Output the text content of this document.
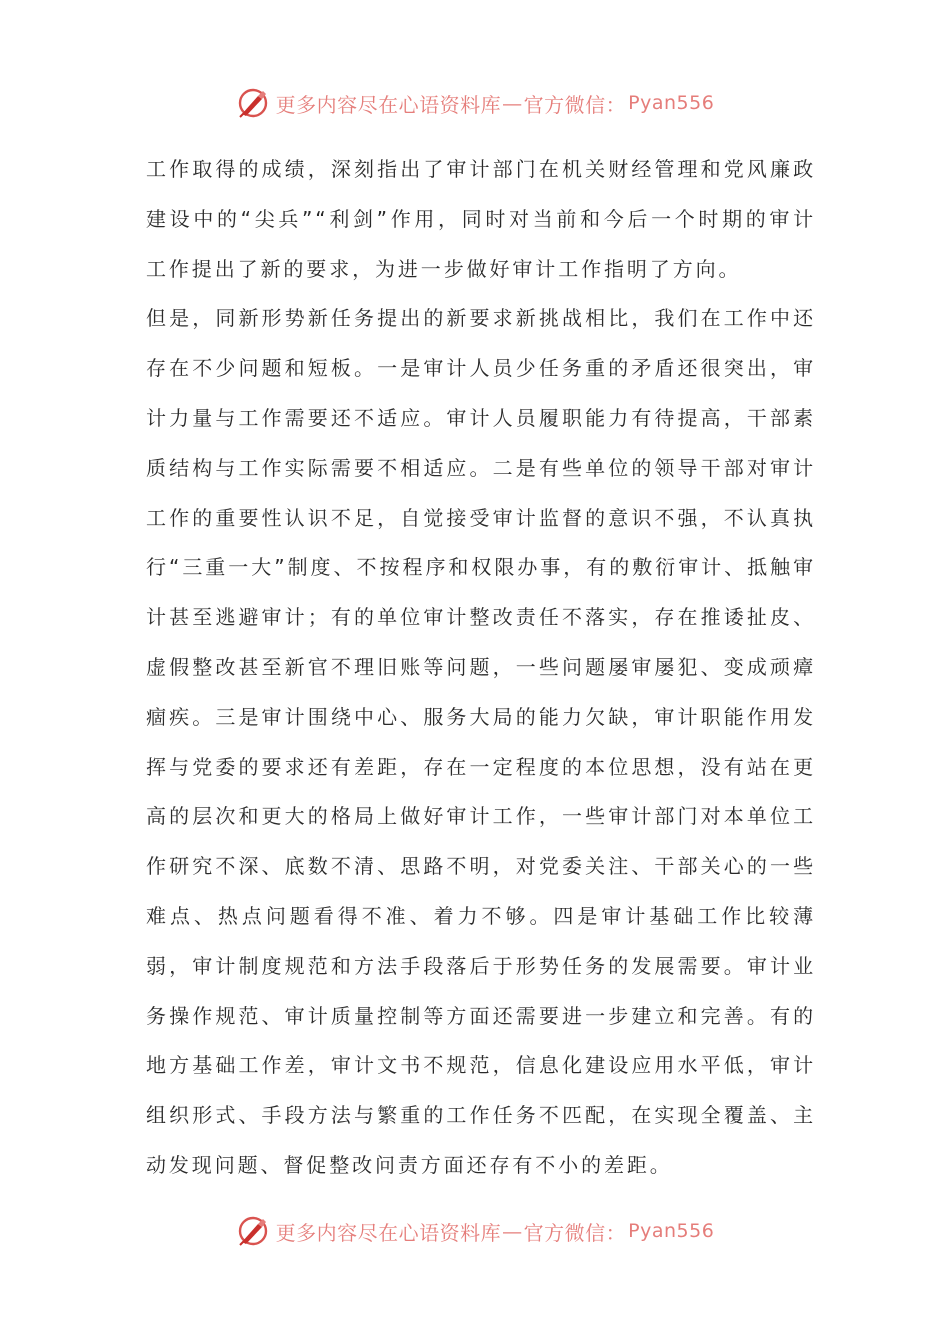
更多内容尽在心语资料库 — 官方微信： Pyan556

工作取得的成绩，深刻指出了审计部门在机关财经管理和党风廉政建设中的“尖兵”“利剑”作用，同时对当前和今后一个时期的审计工作提出了新的要求，为进一步做好审计工作指明了方向。

但是，同新形势新任务提出的新要求新挑战相比，我们在工作中还存在不少问题和短板。一是审计人员少任务重的矛盾还很突出，审计力量与工作需要还不适应。审计人员履职能力有待提高，干部素质结构与工作实际需要不相适应。二是有些单位的领导干部对审计工作的重要性认识不足，自觉接受审计监督的意识不强，不认真执行“三重一大”制度、不按程序和权限办事，有的敷衍审计、抵触审计甚至逃避审计；有的单位审计整改责任不落实，存在推诿扯皮、虚假整改甚至新官不理旧账等问题，一些问题屡审屡犯、变成顽瘴痼疾。三是审计围绕中心、服务大局的能力欠缺，审计职能作用发挥与党委的要求还有差距，存在一定程度的本位思想，没有站在更高的层次和更大的格局上做好审计工作，一些审计部门对本单位工作研究不深、底数不清、思路不明，对党委关注、干部关心的一些难点、热点问题看得不准、着力不够。四是审计基础工作比较薄弱，审计制度规范和方法手段落后于形势任务的发展需要。审计业务操作规范、审计质量控制等方面还需要进一步建立和完善。有的地方基础工作差，审计文书不规范，信息化建设应用水平低，审计组织形式、手段方法与繁重的工作任务不匹配，在实现全覆盖、主动发现问题、督促整改问责方面还存有不小的差距。

更多内容尽在心语资料库 — 官方微信： Pyan556
